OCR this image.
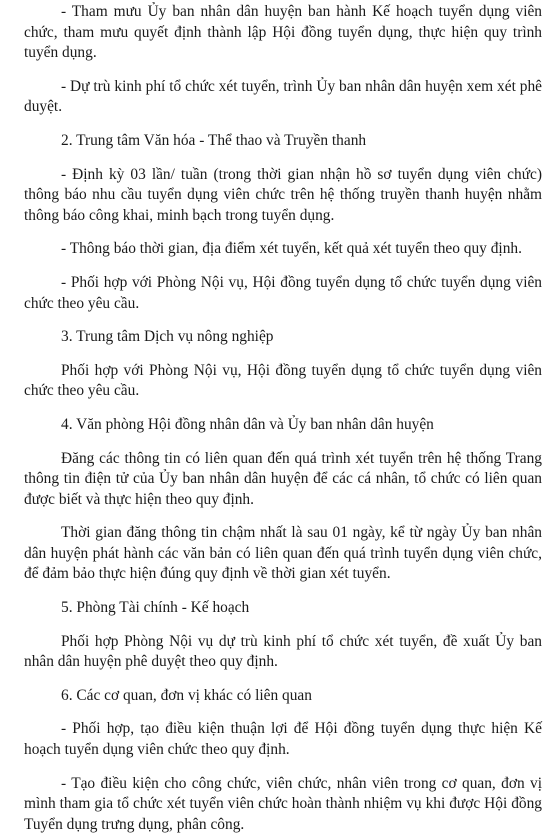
- Tham mưu Ủy ban nhân dân huyện ban hành Kế hoạch tuyển dụng viên chức, tham mưu quyết định thành lập Hội đồng tuyển dụng, thực hiện quy trình tuyển dụng.

- Dự trù kinh phí tổ chức xét tuyển, trình Ủy ban nhân dân huyện xem xét phê duyệt.

2. Trung tâm Văn hóa - Thể thao và Truyền thanh

- Định kỳ 03 lần/ tuần (trong thời gian nhận hồ sơ tuyển dụng viên chức) thông báo nhu cầu tuyển dụng viên chức trên hệ thống truyền thanh huyện nhằm thông báo công khai, minh bạch trong tuyển dụng.

- Thông báo thời gian, địa điểm xét tuyển, kết quả xét tuyển theo quy định.

- Phối hợp với Phòng Nội vụ, Hội đồng tuyển dụng tổ chức tuyển dụng viên chức theo yêu cầu.

3. Trung tâm Dịch vụ nông nghiệp

Phối hợp với Phòng Nội vụ, Hội đồng tuyển dụng tổ chức tuyển dụng viên chức theo yêu cầu.

4. Văn phòng Hội đồng nhân dân và Ủy ban nhân dân huyện

Đăng các thông tin có liên quan đến quá trình xét tuyển trên hệ thống Trang thông tin điện tử của Ủy ban nhân dân huyện để các cá nhân, tổ chức có liên quan được biết và thực hiện theo quy định.

Thời gian đăng thông tin chậm nhất là sau 01 ngày, kể từ ngày Ủy ban nhân dân huyện phát hành các văn bản có liên quan đến quá trình tuyển dụng viên chức, để đảm bảo thực hiện đúng quy định về thời gian xét tuyển.

5. Phòng Tài chính - Kế hoạch

Phối hợp Phòng Nội vụ dự trù kinh phí tổ chức xét tuyển, đề xuất Ủy ban nhân dân huyện phê duyệt theo quy định.

6. Các cơ quan, đơn vị khác có liên quan

- Phối hợp, tạo điều kiện thuận lợi để Hội đồng tuyển dụng thực hiện Kế hoạch tuyển dụng viên chức theo quy định.

- Tạo điều kiện cho công chức, viên chức, nhân viên trong cơ quan, đơn vị mình tham gia tổ chức xét tuyển viên chức hoàn thành nhiệm vụ khi được Hội đồng Tuyển dụng trưng dụng, phân công.
